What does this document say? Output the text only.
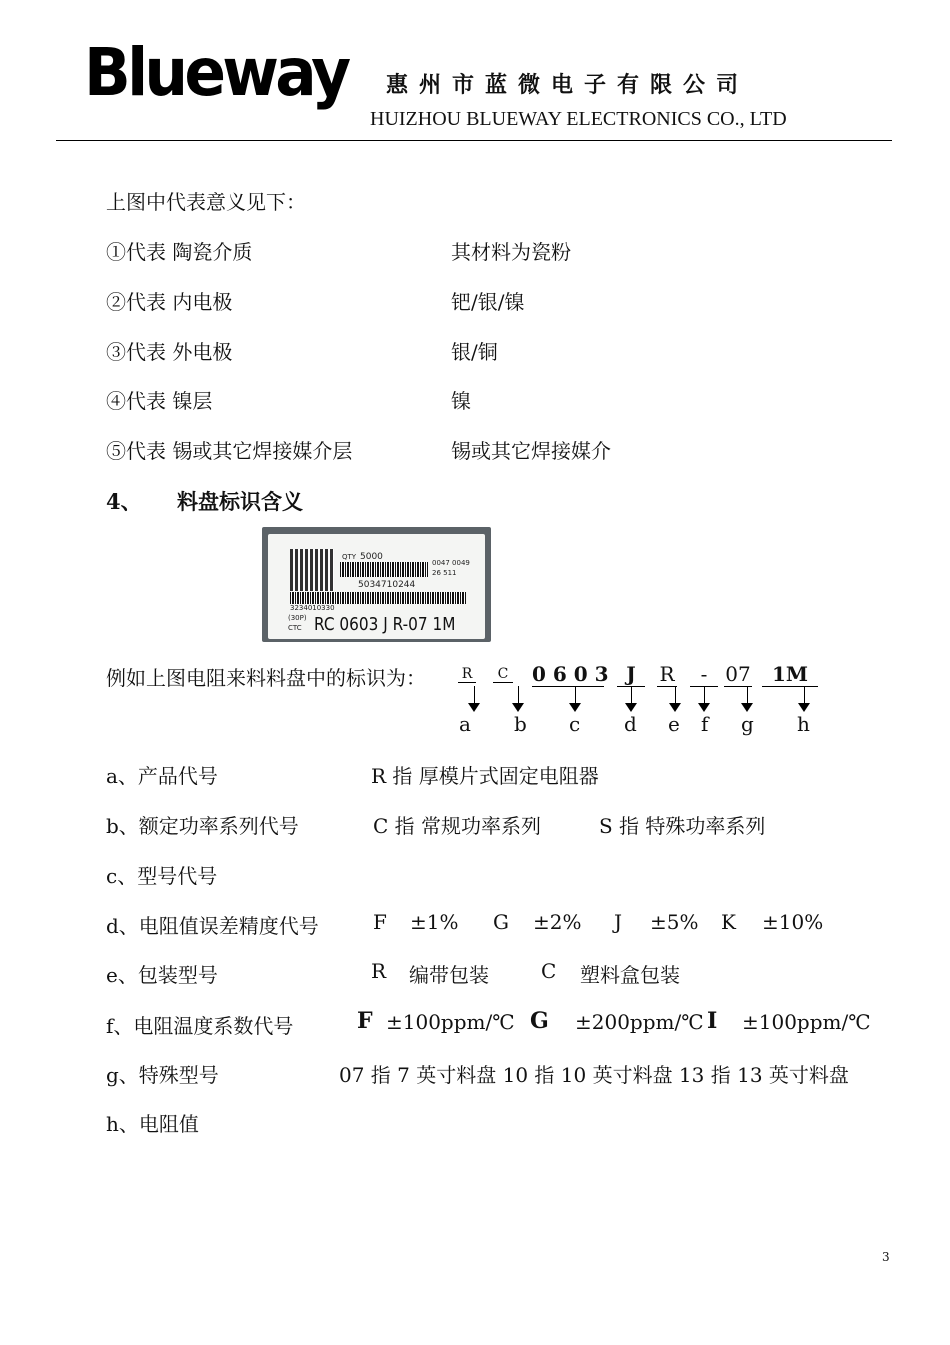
Blueway 惠州市蓝微电子有限公司
HUIZHOU BLUEWAY ELECTRONICS CO., LTD
上图中代表意义见下：
①代表 陶瓷介质	其材料为瓷粉
②代表 内电极	钯/银/镍
③代表 外电极	银/铜
④代表 镍层	镍
⑤代表 锡或其它焊接媒介层	锡或其它焊接媒介
4、 料盘标识含义
QTY 5000
0047 0049
26 511
5034710244
3234010330
(30P)
CTC RC 0603 J R-07 1M
例如上图电阻来料料盘中的标识为：	R	C 0 6 0 3 J	R	- 07	1M
a b c d e f g h
a、产品代号	R 指 厚模片式固定电阻器
b、额定功率系列代号	C 指 常规功率系列	S 指 特殊功率系列
c、型号代号
d、电阻值误差精度代号	F ±1% G ±2% J ±5% K ±10%
e、包装型号	R 编带包装	C 塑料盒包装
f、电阻温度系数代号	F ±100ppm/℃ G ±200ppm/℃ I ±100ppm/℃
g、特殊型号	07 指 7 英寸料盘 10 指 10 英寸料盘 13 指 13 英寸料盘
h、电阻值
3
